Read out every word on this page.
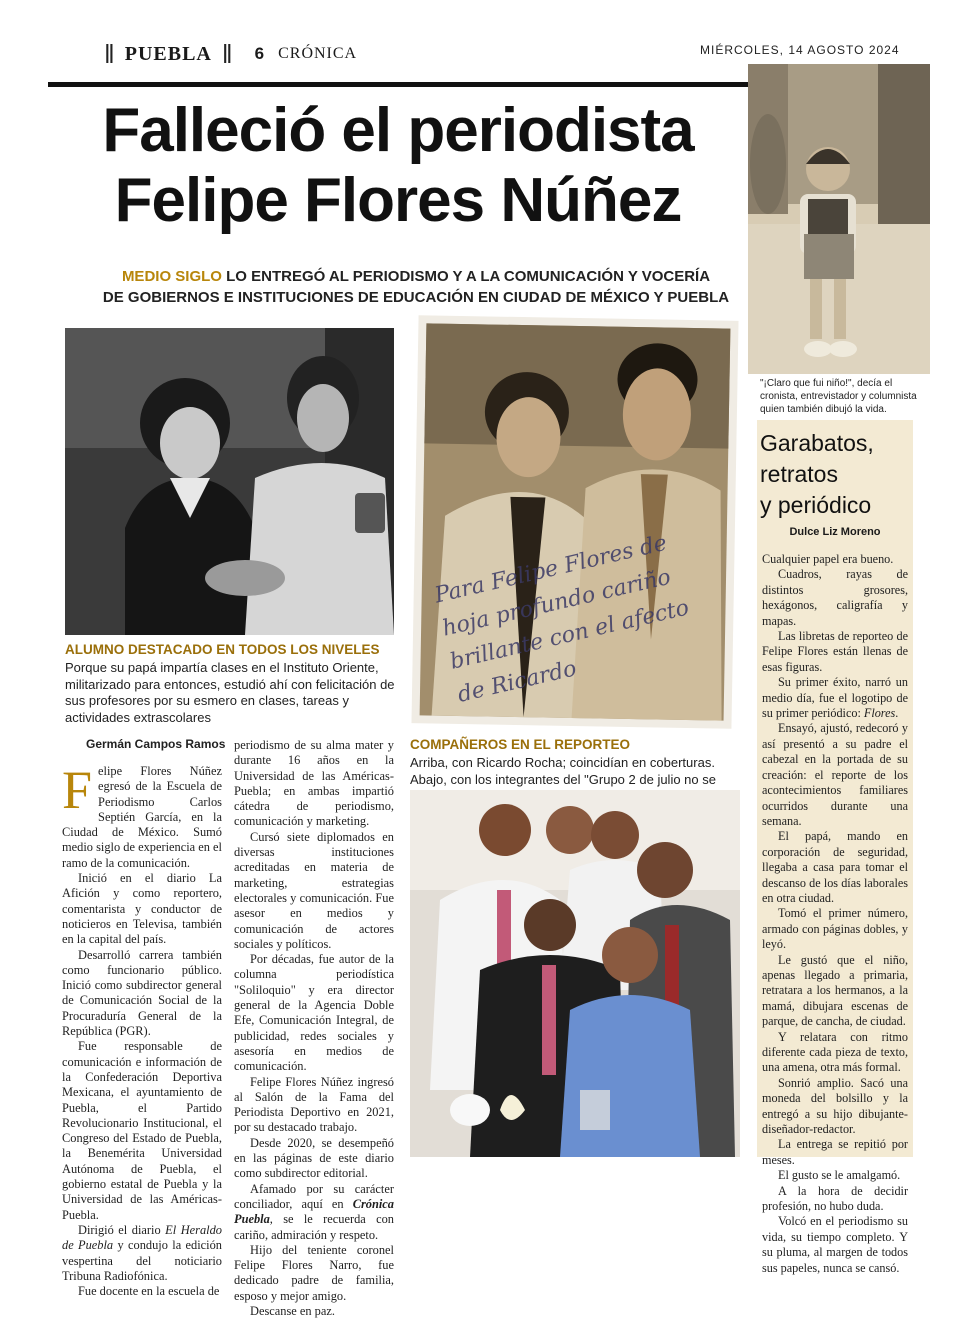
‖ PUEBLA ‖ 6 CRÓNICA	MIÉRCOLES, 14 AGOSTO 2024
Falleció el periodista
Felipe Flores Núñez
MEDIO SIGLO LO ENTREGÓ AL PERIODISMO Y A LA COMUNICACIÓN Y VOCERÍA
DE GOBIERNOS E INSTITUCIONES DE EDUCACIÓN EN CIUDAD DE MÉXICO Y PUEBLA
"¡Claro que fui niño!", decía el cronista, entrevistador y columnista quien también dibujó la vida.
ALUMNO DESTACADO EN TODOS LOS NIVELES
Porque su papá impartía clases en el Instituto Oriente, militarizado para entonces, estudió ahí con felicitación de sus profesores por su esmero en clases, tareas y actividades extrascolares
Para Felipe Flores de hoja profundo cariño brillante con el afecto de Ricardo
COMPAÑEROS EN EL REPORTEO
Arriba, con Ricardo Rocha; coincidían en coberturas. Abajo, con los integrantes del "Grupo 2 de julio no se
Germán Campos Ramos

Felipe Flores Núñez egresó de la Escuela de Periodismo Carlos Septién García, en la Ciudad de México. Sumó medio siglo de experiencia en el ramo de la comunicación.

Inició en el diario La Afición y como reportero, comentarista y conductor de noticieros en Televisa, también en la capital del país.

Desarrolló carrera también como funcionario público. Inició como subdirector general de Comunicación Social de la Procuraduría General de la República (PGR).

Fue responsable de comunicación e información de la Confederación Deportiva Mexicana, el ayuntamiento de Puebla, el Partido Revolucionario Institucional, el Congreso del Estado de Puebla, la Benemérita Universidad Autónoma de Puebla, el gobierno estatal de Puebla y la Universidad de las Américas-Puebla.

Dirigió el diario El Heraldo de Puebla y condujo la edición vespertina del noticiario Tribuna Radiofónica.

Fue docente en la escuela de

periodismo de su alma mater y durante 16 años en la Universidad de las Américas-Puebla; en ambas impartió cátedra de periodismo, comunicación y marketing.

Cursó siete diplomados en diversas instituciones acreditadas en materia de marketing, estrategias electorales y comunicación. Fue asesor en medios y comunicación de actores sociales y políticos.

Por décadas, fue autor de la columna periodística "Soliloquio" y era director general de la Agencia Doble Efe, Comunicación Integral, de publicidad, redes sociales y asesoría en medios de comunicación.

Felipe Flores Núñez ingresó al Salón de la Fama del Periodista Deportivo en 2021, por su destacado trabajo.

Desde 2020, se desempeñó en las páginas de este diario como subdirector editorial.

Afamado por su carácter conciliador, aquí en Crónica Puebla, se le recuerda con cariño, admiración y respeto.

Hijo del teniente coronel Felipe Flores Narro, fue dedicado padre de familia, esposo y mejor amigo.

Descanse en paz.

Garabatos,
retratos
y periódico
Dulce Liz Moreno

Cualquier papel era bueno.

Cuadros, rayas de distintos grosores, hexágonos, caligrafía y mapas.

Las libretas de reporteo de Felipe Flores están llenas de esas figuras.

Su primer éxito, narró un medio día, fue el logotipo de su primer periódico: Flores.

Ensayó, ajustó, redecoró y así presentó a su padre el cabezal en la portada de su creación: el reporte de los acontecimientos familiares ocurridos durante una semana.

El papá, mando en corporación de seguridad, llegaba a casa para tomar el descanso de los días laborales en otra ciudad.

Tomó el primer número, armado con páginas dobles, y leyó.

Le gustó que el niño, apenas llegado a primaria, retratara a los hermanos, a la mamá, dibujara escenas de parque, de cancha, de ciudad.

Y relatara con ritmo diferente cada pieza de texto, una amena, otra más formal.

Sonrió amplio. Sacó una moneda del bolsillo y la entregó a su hijo dibujante-diseñador-redactor.

La entrega se repitió por meses.

El gusto se le amalgamó.

A la hora de decidir profesión, no hubo duda.

Volcó en el periodismo su vida, su tiempo completo. Y su pluma, al margen de todos sus papeles, nunca se cansó.
